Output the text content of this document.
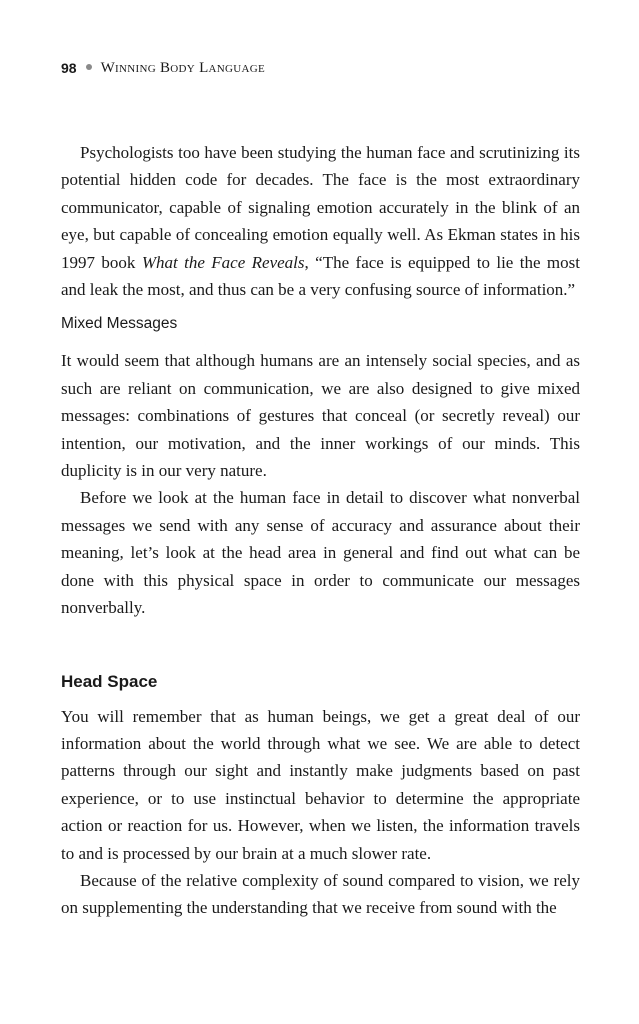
98 Winning Body Language

Psychologists too have been studying the human face and scrutinizing its potential hidden code for decades. The face is the most extraordinary communicator, capable of signaling emotion accurately in the blink of an eye, but capable of concealing emotion equally well. As Ekman states in his 1997 book What the Face Reveals, “The face is equipped to lie the most and leak the most, and thus can be a very confusing source of information.”

Mixed Messages

It would seem that although humans are an intensely social species, and as such are reliant on communication, we are also designed to give mixed messages: combinations of gestures that conceal (or secretly reveal) our intention, our motivation, and the inner workings of our minds. This duplicity is in our very nature.

Before we look at the human face in detail to discover what nonverbal messages we send with any sense of accuracy and assurance about their meaning, let’s look at the head area in general and find out what can be done with this physical space in order to communicate our messages nonverbally.

Head Space

You will remember that as human beings, we get a great deal of our information about the world through what we see. We are able to detect patterns through our sight and instantly make judgments based on past experience, or to use instinctual behavior to determine the appropriate action or reaction for us. However, when we listen, the information travels to and is processed by our brain at a much slower rate.

Because of the relative complexity of sound compared to vision, we rely on supplementing the understanding that we receive from sound with the
